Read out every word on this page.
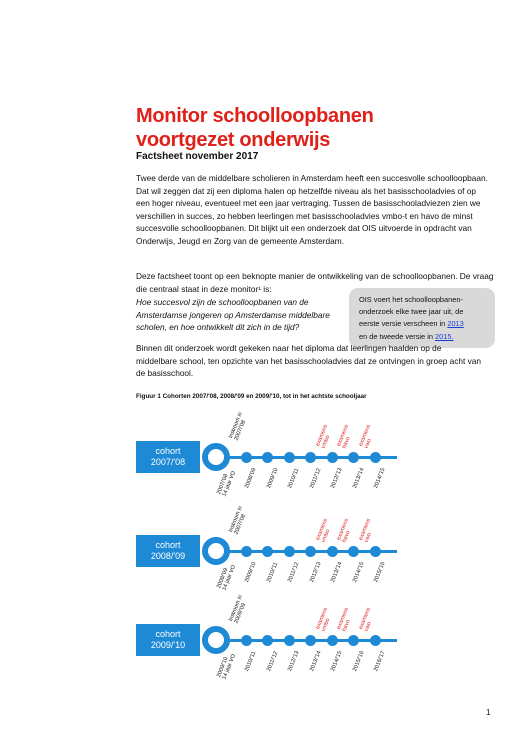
Monitor schoolloopbanen voortgezet onderwijs
Factsheet november 2017
Twee derde van de middelbare scholieren in Amsterdam heeft een succesvolle schoolloopbaan. Dat wil zeggen dat zij een diploma halen op hetzelfde niveau als het basisschooladvies of op een hoger niveau, eventueel met een jaar vertraging. Tussen de basisschooladviezen zien we verschillen in succes, zo hebben leerlingen met basisschooladvies vmbo-t en havo de minst succesvolle schoolloopbanen. Dit blijkt uit een onderzoek dat OIS uitvoerde in opdracht van Onderwijs, Jeugd en Zorg van de gemeente Amsterdam.
Deze factsheet toont op een beknopte manier de ontwikkeling van de schoolloopbanen. De vraag die centraal staat in deze monitor¹ is:
Hoe succesvol zijn de schoolloopbanen van de Amsterdamse jongeren op Amsterdamse middelbare scholen, en hoe ontwikkelt dit zich in de tijd?
OIS voert het schoolloopbanen-
onderzoek elke twee jaar uit, de
eerste versie verscheen in 2013
en de tweede versie in 2015.
Binnen dit onderzoek wordt gekeken naar het diploma dat leerlingen haalden op de middelbare school, ten opzichte van het basisschooladvies dat ze ontvingen in groep acht van de basisschool.
Figuur 1 Cohorten 2007/'08, 2008/'09 en 2009/'10, tot in het achtste schooljaar
cohort
2007/'08
Instroom in
2007/'08
2007/'08
14 jaar VO 2008/'09 2009/'10 2010/'11 2011/'12 2012/'13 2013/'14 2014/'15
examens
vmbo examens
havo	examens
vwo
cohort
2008/'09
Instroom in
2007/'08
2008/'09
14 jaar VO 2009/'10 2010/'11 2011/'12 2012/'13 2013/'14 2014/'15 2015/'16
examens
vmbo examens
havo	examens
vwo
cohort
2009/'10
Instroom in
2009/'09
2009/'10
14 jaar VO 2010/'11 2011/'12 2012/'13 2013/'14 2014/'15 2015/'16 2016/'17
examens
vmbo examens
havo	examens
vwo
1
